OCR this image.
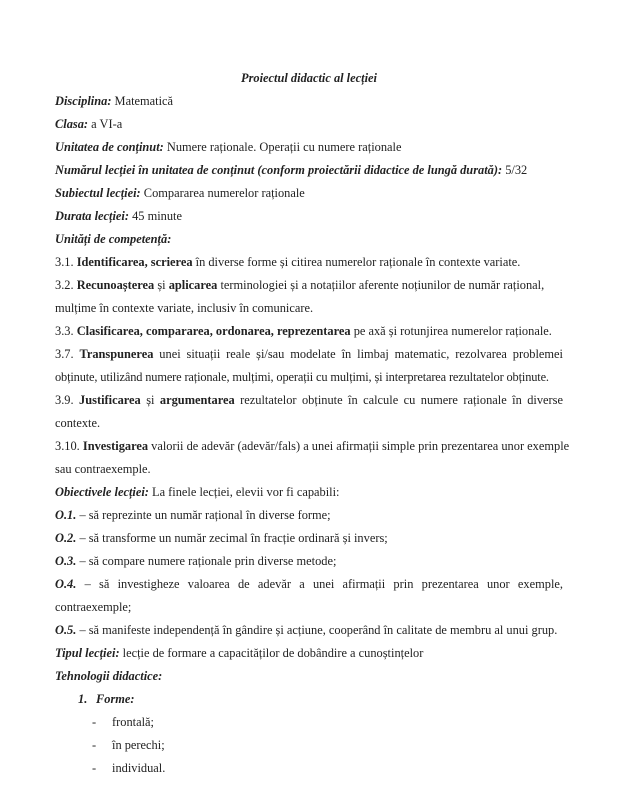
Proiectul didactic al lecției
Disciplina: Matematică
Clasa: a VI-a
Unitatea de conținut: Numere raționale. Operații cu numere raționale
Numărul lecției în unitatea de conținut (conform proiectării didactice de lungă durată): 5/32
Subiectul lecției: Compararea numerelor raționale
Durata lecției: 45 minute
Unități de competență:
3.1. Identificarea, scrierea în diverse forme și citirea numerelor raționale în contexte variate.
3.2. Recunoașterea și aplicarea terminologiei și a notațiilor aferente noțiunilor de număr rațional,
mulțime în contexte variate, inclusiv în comunicare.
3.3. Clasificarea, compararea, ordonarea, reprezentarea pe axă și rotunjirea numerelor raționale.
3.7. Transpunerea unei situații reale și/sau modelate în limbaj matematic, rezolvarea problemei
obținute, utilizând numere raționale, mulțimi, operații cu mulțimi, și interpretarea rezultatelor obținute.
3.9. Justificarea și argumentarea rezultatelor obținute în calcule cu numere raționale în diverse
contexte.
3.10. Investigarea valorii de adevăr (adevăr/fals) a unei afirmații simple prin prezentarea unor exemple
sau contraexemple.
Obiectivele lecției: La finele lecției, elevii vor fi capabili:
O.1. – să reprezinte un număr rațional în diverse forme;
O.2. – să transforme un număr zecimal în fracție ordinară și invers;
O.3. – să compare numere raționale prin diverse metode;
O.4. – să investigheze valoarea de adevăr a unei afirmații prin prezentarea unor exemple,
contraexemple;
O.5. – să manifeste independență în gândire și acțiune, cooperând în calitate de membru al unui grup.
Tipul lecției: lecție de formare a capacităților de dobândire a cunoștințelor
Tehnologii didactice:
1. Forme:
- frontală;
- în perechi;
- individual.
